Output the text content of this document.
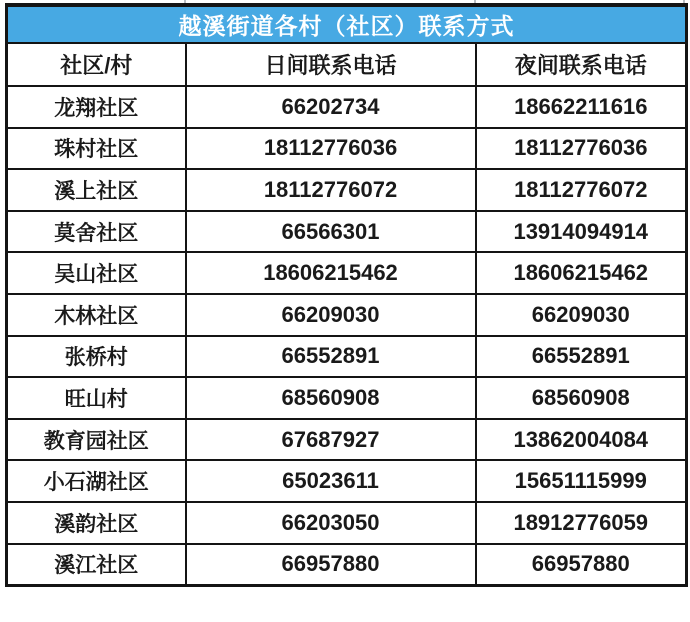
越溪街道各村（社区）联系方式		
社区/村	日间联系电话	夜间联系电话
龙翔社区	66202734	18662211616
珠村社区	18112776036	18112776036
溪上社区	18112776072	18112776072
莫舍社区	66566301	13914094914
吴山社区	18606215462	18606215462
木林社区	66209030	66209030
张桥村	66552891	66552891
旺山村	68560908	68560908
教育园社区	67687927	13862004084
小石湖社区	65023611	15651115999
溪韵社区	66203050	18912776059
溪江社区	66957880	66957880
